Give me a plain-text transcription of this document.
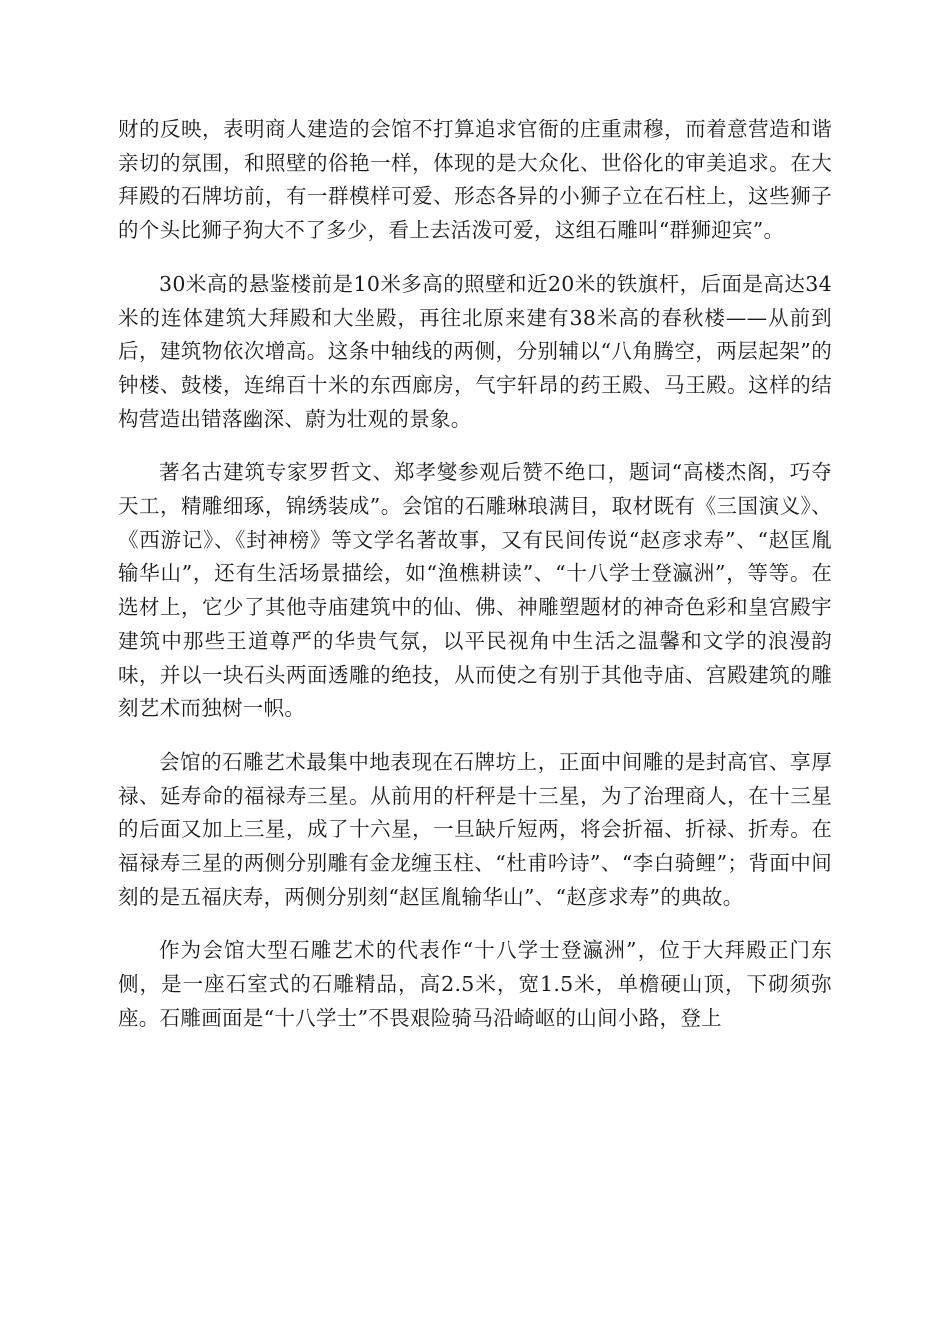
财的反映，表明商人建造的会馆不打算追求官衙的庄重肃穆，而着意营造和谐亲切的氛围，和照壁的俗艳一样，体现的是大众化、世俗化的审美追求。在大拜殿的石牌坊前，有一群模样可爱、形态各异的小狮子立在石柱上，这些狮子的个头比狮子狗大不了多少，看上去活泼可爱，这组石雕叫“群狮迎宾”。

30米高的悬鉴楼前是10米多高的照壁和近20米的铁旗杆，后面是高达34米的连体建筑大拜殿和大坐殿，再往北原来建有38米高的春秋楼——从前到后，建筑物依次增高。这条中轴线的两侧，分别辅以“八角腾空，两层起架”的钟楼、鼓楼，连绵百十米的东西廊房，气宇轩昂的药王殿、马王殿。这样的结构营造出错落幽深、蔚为壮观的景象。

著名古建筑专家罗哲文、郑孝燮参观后赞不绝口，题词“高楼杰阁，巧夺天工，精雕细琢，锦绣装成”。会馆的石雕琳琅满目，取材既有《三国演义》、《西游记》、《封神榜》等文学名著故事，又有民间传说“赵彦求寿”、“赵匡胤输华山”，还有生活场景描绘，如“渔樵耕读”、“十八学士登瀛洲”，等等。在选材上，它少了其他寺庙建筑中的仙、佛、神雕塑题材的神奇色彩和皇宫殿宇建筑中那些王道尊严的华贵气氛，以平民视角中生活之温馨和文学的浪漫韵味，并以一块石头两面透雕的绝技，从而使之有别于其他寺庙、宫殿建筑的雕刻艺术而独树一帜。

会馆的石雕艺术最集中地表现在石牌坊上，正面中间雕的是封高官、享厚禄、延寿命的福禄寿三星。从前用的杆秤是十三星，为了治理商人，在十三星的后面又加上三星，成了十六星，一旦缺斤短两，将会折福、折禄、折寿。在福禄寿三星的两侧分别雕有金龙缠玉柱、“杜甫吟诗”、“李白骑鲤”；背面中间刻的是五福庆寿，两侧分别刻“赵匡胤输华山”、“赵彦求寿”的典故。

作为会馆大型石雕艺术的代表作“十八学士登瀛洲”，位于大拜殿正门东侧，是一座石室式的石雕精品，高2.5米，宽1.5米，单檐硬山顶，下砌须弥座。石雕画面是“十八学士”不畏艰险骑马沿崎岖的山间小路，登上
